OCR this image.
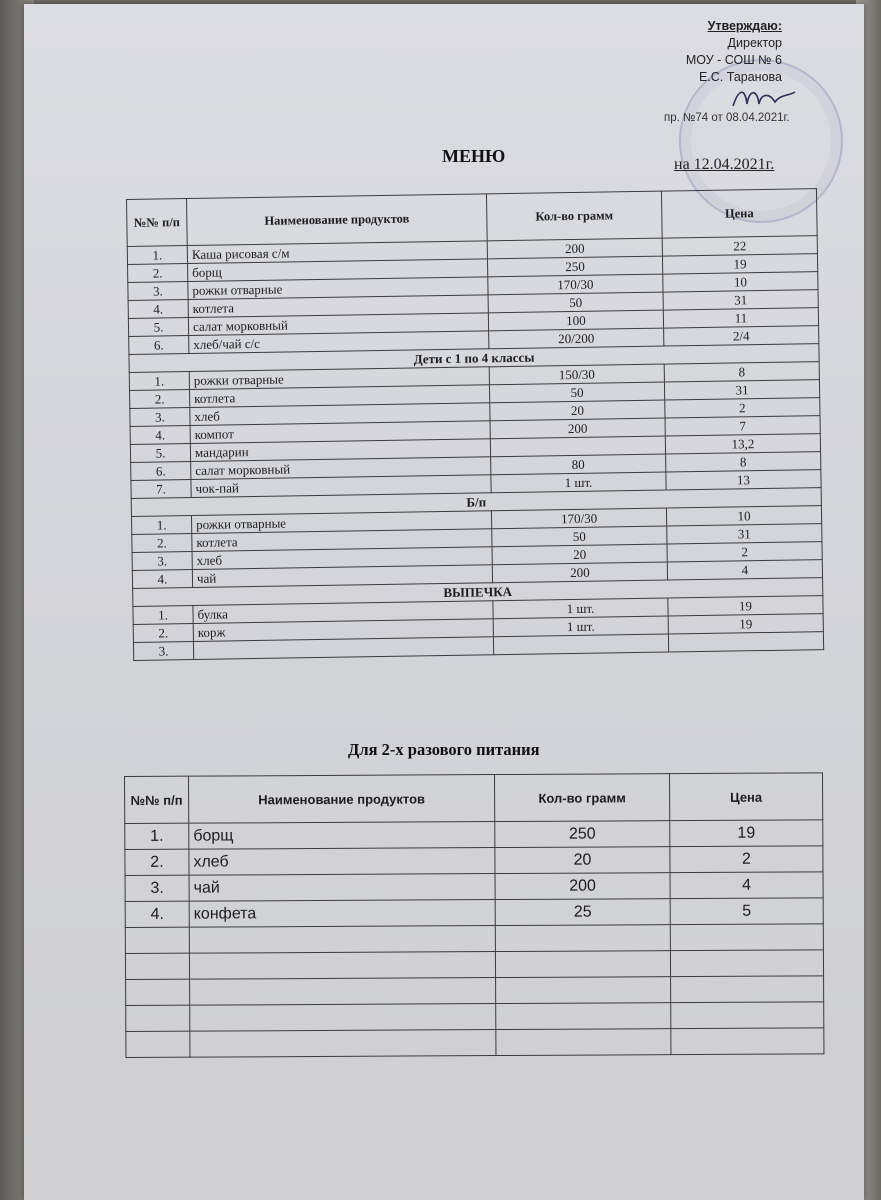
Утверждаю:
Директор
МОУ - СОШ № 6
Е.С. Таранова
пр. №74 от 08.04.2021г.
МЕНЮ	на 12.04.2021г.
№№ п/п	Наименование продуктов	Кол-во грамм	Цена
1.	Каша рисовая с/м	200	22
2.	борщ	250	19
3.	рожки отварные	170/30	10
4.	котлета	50	31
5.	салат морковный	100	11
6.	хлеб/чай с/с	20/200	2/4
Дети с 1 по 4 классы			
1.	рожки отварные	150/30	8
2.	котлета	50	31
3.	хлеб	20	2
4.	компот	200	7
5.	мандарин		13,2
6.	салат морковный	80	8
7.	чок-пай	1 шт.	13
Б/п			
1.	рожки отварные	170/30	10
2.	котлета	50	31
3.	хлеб	20	2
4.	чай	200	4
ВЫПЕЧКА			
1.	булка	1 шт.	19
2.	корж	1 шт.	19
3.			
Для 2-х разового питания
№№ п/п	Наименование продуктов	Кол-во грамм	Цена
1.	борщ	250	19
2.	хлеб	20	2
3.	чай	200	4
4.	конфета	25	5
